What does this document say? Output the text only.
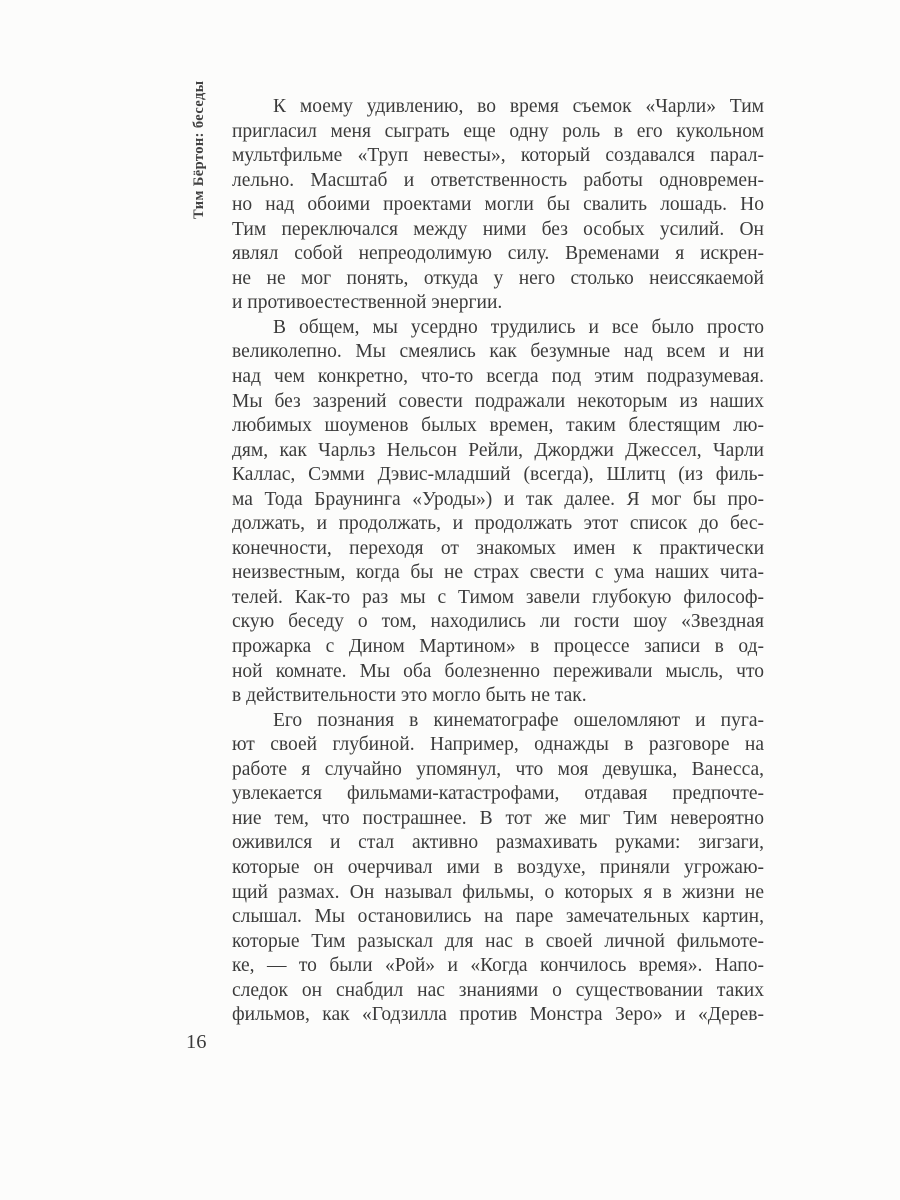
Тим Бёртон: беседы	К моему удивлению, во время съемок «Чарли» Тим
пригласил меня сыграть еще одну роль в его кукольном
мультфильме «Труп невесты», который создавался парал-
лельно. Масштаб и ответственность работы одновремен-
но над обоими проектами могли бы свалить лошадь. Но
Тим переключался между ними без особых усилий. Он
являл собой непреодолимую силу. Временами я искрен-
не не мог понять, откуда у него столько неиссякаемой
и противоестественной энергии.
В общем, мы усердно трудились и все было просто
великолепно. Мы смеялись как безумные над всем и ни
над чем конкретно, что-то всегда под этим подразумевая.
Мы без зазрений совести подражали некоторым из наших
любимых шоуменов былых времен, таким блестящим лю-
дям, как Чарльз Нельсон Рейли, Джорджи Джессел, Чарли
Каллас, Сэмми Дэвис-младший (всегда), Шлитц (из филь-
ма Тода Браунинга «Уроды») и так далее. Я мог бы про-
должать, и продолжать, и продолжать этот список до бес-
конечности, переходя от знакомых имен к практически
неизвестным, когда бы не страх свести с ума наших чита-
телей. Как-то раз мы с Тимом завели глубокую философ-
скую беседу о том, находились ли гости шоу «Звездная
прожарка с Дином Мартином» в процессе записи в од-
ной комнате. Мы оба болезненно переживали мысль, что
в действительности это могло быть не так.
Его познания в кинематографе ошеломляют и пуга-
ют своей глубиной. Например, однажды в разговоре на
работе я случайно упомянул, что моя девушка, Ванесса,
увлекается фильмами-катастрофами, отдавая предпочте-
ние тем, что пострашнее. В тот же миг Тим невероятно
оживился и стал активно размахивать руками: зигзаги,
которые он очерчивал ими в воздухе, приняли угрожаю-
щий размах. Он называл фильмы, о которых я в жизни не
слышал. Мы остановились на паре замечательных картин,
которые Тим разыскал для нас в своей личной фильмоте-
ке, — то были «Рой» и «Когда кончилось время». Напо-
следок он снабдил нас знаниями о существовании таких
фильмов, как «Годзилла против Монстра Зеро» и «Дерев-
16
